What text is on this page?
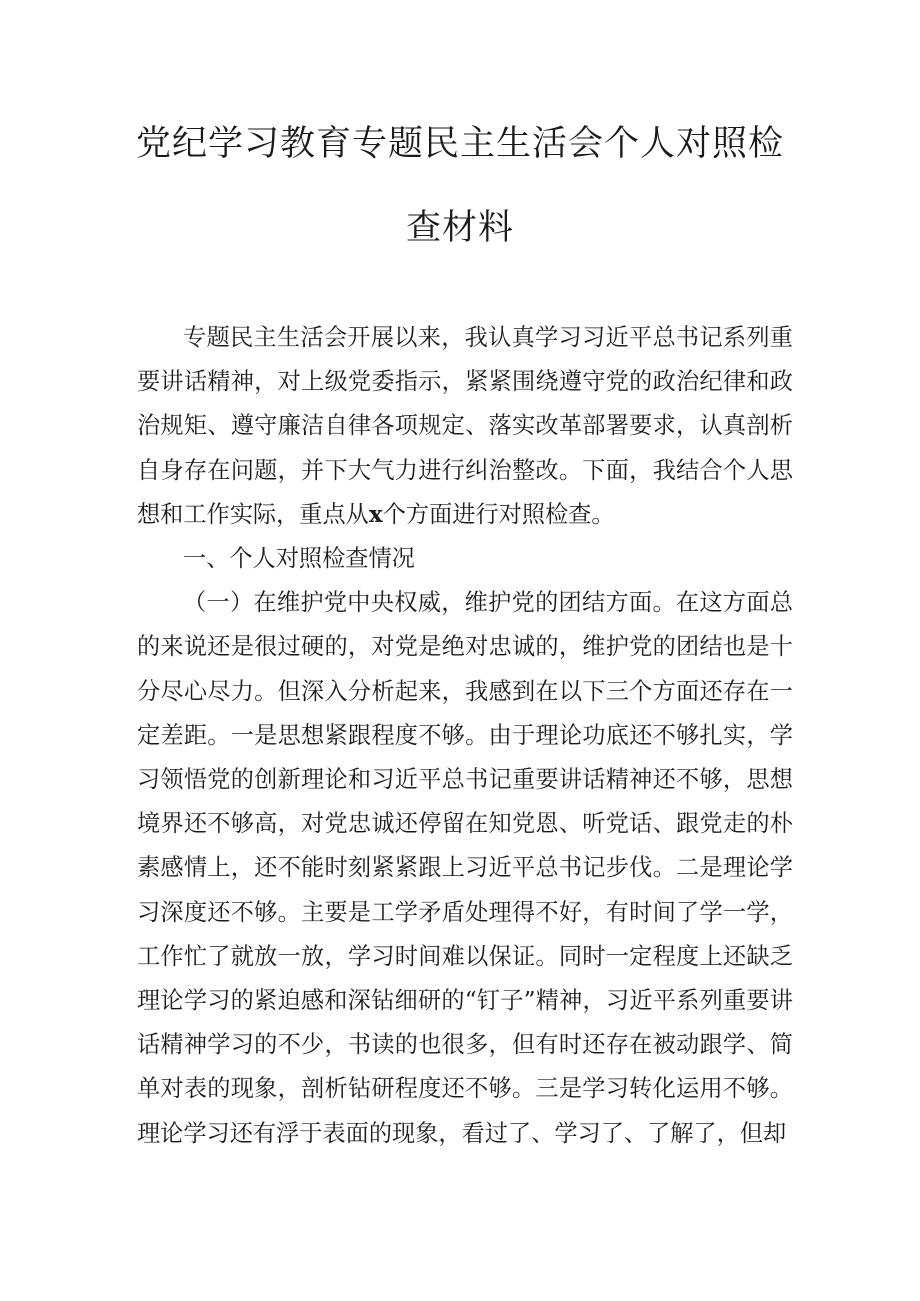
党纪学习教育专题民主生活会个人对照检
查材料

专题民主生活会开展以来，我认真学习习近平总书记系列重要讲话精神，对上级党委指示，紧紧围绕遵守党的政治纪律和政治规矩、遵守廉洁自律各项规定、落实改革部署要求，认真剖析自身存在问题，并下大气力进行纠治整改。下面，我结合个人思想和工作实际，重点从x个方面进行对照检查。

一、个人对照检查情况

（一）在维护党中央权威，维护党的团结方面。在这方面总的来说还是很过硬的，对党是绝对忠诚的，维护党的团结也是十分尽心尽力。但深入分析起来，我感到在以下三个方面还存在一定差距。一是思想紧跟程度不够。由于理论功底还不够扎实，学习领悟党的创新理论和习近平总书记重要讲话精神还不够，思想境界还不够高，对党忠诚还停留在知党恩、听党话、跟党走的朴素感情上，还不能时刻紧紧跟上习近平总书记步伐。二是理论学习深度还不够。主要是工学矛盾处理得不好，有时间了学一学，工作忙了就放一放，学习时间难以保证。同时一定程度上还缺乏理论学习的紧迫感和深钻细研的“钉子”精神，习近平系列重要讲话精神学习的不少，书读的也很多，但有时还存在被动跟学、简单对表的现象，剖析钻研程度还不够。三是学习转化运用不够。理论学习还有浮于表面的现象，看过了、学习了、了解了，但却
